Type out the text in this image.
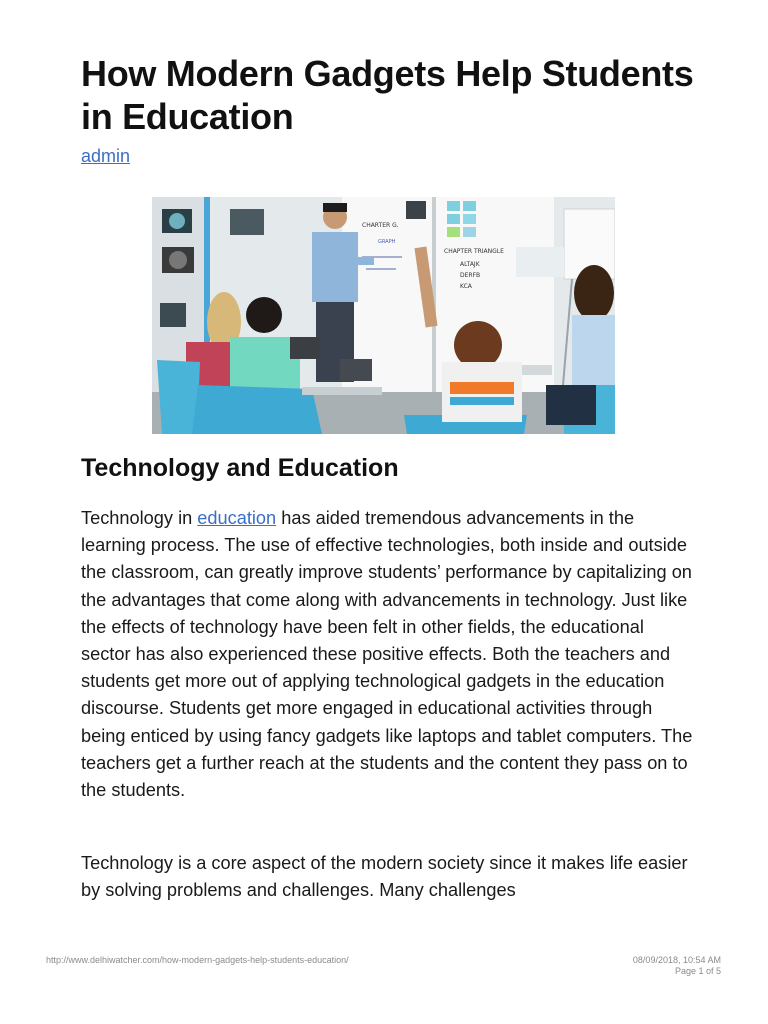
How Modern Gadgets Help Students in Education
admin
CHARTER G.
GRAPH
CHAPTER TRIANGLE
ALTAJK
DERFB
KCA
Technology and Education

Technology in education has aided tremendous advancements in the learning process. The use of effective technologies, both inside and outside the classroom, can greatly improve students’ performance by capitalizing on the advantages that come along with advancements in technology. Just like the effects of technology have been felt in other fields, the educational sector has also experienced these positive effects. Both the teachers and students get more out of applying technological gadgets in the education discourse. Students get more engaged in educational activities through being enticed by using fancy gadgets like laptops and tablet computers. The teachers get a further reach at the students and the content they pass on to the students.

Technology is a core aspect of the modern society since it makes life easier by solving problems and challenges. Many challenges

http://www.delhiwatcher.com/how-modern-gadgets-help-students-education/	08/09/2018, 10:54 AM
Page 1 of 5
